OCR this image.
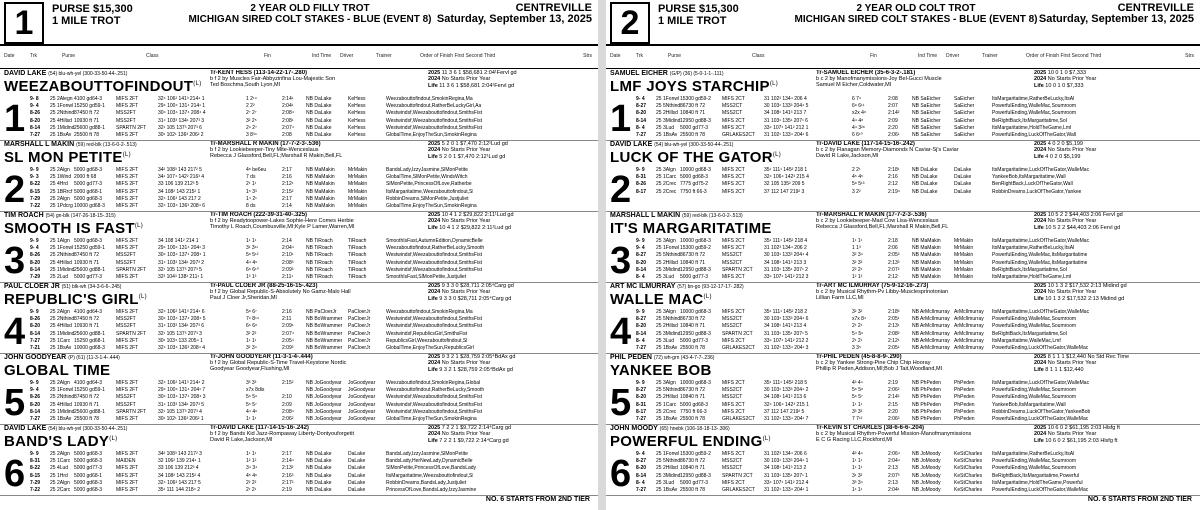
1	PURSE $15,300
1 MILE TROT
2 YEAR OLD FILLY TROT
MICHIGAN SIRED COLT STAKES - BLUE (EVENT 8)
CENTREVILLE
Saturday, September 13, 2025
Date	Trk	Purse	Class	Fin	Ind Time Driver	Trainer	Order of Finish First Second Third	Strs
DAVID LAKE (54) blu-wh-yel (300-33-50-44-.251)
$WEEZABOUTTOFINDOUT^{(L)}$
Tr-KENT HESS (113-14-22-17-.280)
b f 2 by Muscles Fair-Abbyzinfina Lou-Majestic Son
Ted Boschma,South Lyon,MI
2025 11 3 6 1 $58,681 2:04¹Fervl gd
2024 No Starts Prior Year
Life 11 3 6 1 $58,681 2:04¹Fervl gd
1 9- 8 25 2Alegn 4100 gd64-3	MIFS 2FT	32⁴ 106² 141³ 214⁴ 1	1 2¹⁴	2:14¹	NB DaLake	KeHess	Weezabouttofindout,SmokinRegina,Ma
9- 4 25 1Fonwl 15250 gd59-1 MIFS 2FT	29⁴ 100⁴ 131⁴ 214¹ 1	2 2²	2:04¹	NB DaLake	KeHess	Weezabouttofindout,RatherBeLuckyGirl,Aa
8-26 25 2Nthind 87450 ft 72	MSS2FT	30⁴ 103⁴ 137⁴ 208⁴ 4	2⁷ 2⁷	2:08⁴ NB DaLake	KeHess	Westwindsf,Weezabouttofindout,SmithsFist
8-20 25 4Hillsd 10930 ft 71	MSS2FT	31⁴ 103³ 134¹ 207³ 3	3² 2⁵	2:08¹	NB DaLake	KeHess	Westwindsf,Weezabouttofindout,SmithsFist
8-14 25 1Midind 25600 gd88-1 SPARTN 2FT 32¹ 105 137³ 207³ 6	2⁹ 2⁷	2:07⁴ NB DaLake	KeHess	Westwindsf,Weezabouttofindout,SmithsFist
7-27 25 1BsAv 25500 ft 78	MIFS 2FT	30¹ 102¹ 136³ 206² 2	3 8³⁴	2:08	NB DaLake	KeHess	GlobalTime,EnjoyTheSun,SmokinRegina
MARSHALL L MAKIN (59) red-blk (13-6-0-2-.513)
SL MON $PETITE^{(L)}$
Tr-MARSHALL R MAKIN (17-7-2-3-.536)
b f 2 by Lookiebeeper-Tiny Mite-Wenceslaus
Rebecca J Glassford,Bell,FL;Marshall R Makin,Bell,FL
2025 5 2 0 1 $7,470 2:12¹Lud gd
2024 No Starts Prior Year
Life 5 2 0 1 $7,470 2:12¹Lud gd
2 9- 9 25 2Algn 5000 gd68-3	MIFS 2FT	34² 108³ 143 217² 5	4⁸ be6eu	2:17	NB MaMakin	MrMakin	BandsLady,IzzyJasmine,SlMonPetite
9- 3 25 1Wind 2000 ft 68	MIFS 2FT	34¹ 107⁴ 142² 216³ 4	7 ds	2:16	NB MaMakin	MrMakin	GlobalTime,SlMonPetite,WindsWitch
8-22 25 4Hrd 5000 gd77-3	MIFS 2FT	33 106 139 212³ 5	2¹ 1¹	2:12¹	NB MaMakin	MrMakin	SlMonPetite,PrincessOfLove,Ratherbe
8-15 25 1BRrcf 5000 gd68-1	MIFS 2FT	34 108² 143 215² 1	1⁵ 3³	2:15²	NB MaMakin	MrMakin	ItsMargaritatime,Weezabouttofindout,Sl
7-29 25 2Algn 5000 gd68-3	MIFS 2FT	32⁴ 106³ 143 217 2	1⁴ 2¹	2:17	NB MaMakin	MrMakin	RobbinDreams,SlMonPetite,Justjuliet
7-22 25 1Pdcrg 10000 gd68-3 MIFS 2FT	32⁴ 103⁴ 136³ 208⁴ 6	8 ds	2:14	NB MaMakin	MrMakin	GlobalTime,EnjoyTheSun,SmokinRegina
TIM ROACH (54) gn-blk (147-26-18-15-.315)
SMOOTH IS $FAST^{(L)}$
Tr-TIM ROACH (222-39-31-40-.325)
b f 2 by Readytoopower-Lakes Sophie-Here Comes Herbie
Timothy L Roach,Coumbusville,MI;Kyle P Lamer,Warren,MI
2025 10 4 1 2 $29,822 2:11¹Lud gd
2024 No Starts Prior Year
Life 10 4 1 2 $29,822 2:11¹Lud gd
3 9- 9 25 1Algn 5000 gd68-3	MIFS 2FT	34 108 141² 214 1	1¹ 1¹	2:14	NB TiRoach	TiRoach	SmoothIsFast,AutumnEdition,DynamicBelle
9- 4 25 1Fonwl 15250 gd59-1 MIFS 2FT	29⁴ 100⁴ 131⁴ 204¹ 3	3¹ 3¹¹	2:04⁴ NB TiRoach	TiRoach	Weezabouttofindout,RatherBeLucky,Smooth
8-26 25 2Nthind 87450 ft 72	MSS2FT	30⁴ 103⁴ 137⁴ 208⁴ 1	5⁸ 5¹²	2:10¹	NB TiRoach	TiRoach	Westwindsf,Weezabouttofindout,SmithsFist
8-20 25 4Hillsd 10930 ft 71	MSS2FT	31⁴ 103³ 134¹ 207³ 2	4⁴ 4⁵	2:08³	NB TiRoach	TiRoach	Westwindsf,Weezabouttofindout,SmithsFist
8-14 25 1Midind 25600 gd88-1 SPARTN 2FT 32¹ 105 137³ 207³ 5	6⁸ 6¹⁰	2:09³	NB TiRoach	TiRoach	Westwindsf,Weezabouttofindout,SmithsFist
7-29 25 2Lud 5000 gd77-3	MIFS 2FT	32³ 104³ 138³ 211¹ 1	1³ 1³	2:11¹	NB TiRoach	TiRoach	SmoothIsFast,SlMonPetite,Justjuliet
PAUL CLOER JR (51) blk-wh (34-3-6-6-.245)
REPUBLIC'S $GIRL^{(L)}$
Tr-PAUL CLOER JR (88-25-16-15-.423)
b f 2 by Global Republic-S-Absolutely No Gamz-Malo Hall
Paul J Cloer Jr,Sheridan,MI
2025 9 3 3 0 $28,711 2:05⁴Carg gd
2024 No Starts Prior Year
Life 9 3 3 0 $28,711 2:05⁴Carg gd
4 9- 9 25 2Algn 4100 gd64-3	MIFS 2FT	32⁴ 106² 141³ 214⁴ 6	5⁸ 6⁷	2:16	NB PaCloerJr PaCloerJr	Weezabouttofindout,SmokinRegina,Ma
8-26 25 2Nthind 87450 ft 72	MSS2FT	30⁴ 103⁴ 137⁴ 208⁴ 5	7⁹ 8¹⁴	2:11	NB BoWrammer PaCloerJr	Westwindsf,Weezabouttofindout,SmithsFist
8-20 25 4Hillsd 10930 ft 71	MSS2FT	31⁴ 103³ 134¹ 207³ 6	6⁶ 6⁸	2:09¹	NB BoWrammer PaCloerJr	Westwindsf,Weezabouttofindout,SmithsFist
8-14 25 1Midind 25600 gd88-1 SPARTN 2FT 32¹ 105 137³ 207³ 3	3² 2²	2:07⁴ NB BoWrammer PaCloerJr	Westwindsf,RepublicsGirl,SmithsFist
7-27 25 1Carc 15250 gd68-1 MIFS 2FT	30¹ 103⁴ 133 205⁴ 1	1¹ 1¹	2:05⁴ NB BoWrammer PaCloerJr	RepublicsGirl,Weezabouttofindout,Sl
7-21 25 1BsAv 10000 gd68-3 MIFS 2FT	32⁴ 103⁴ 136³ 208⁴ 4	3² 3⁴	2:09³	NB BoWrammer PaCloerJr	GlobalTime,EnjoyTheSun,RepublicsGirl
JOHN GOODYEAR (P) (61) (11-3-1-4-.444)
GLOBAL TIME
Tr-JOHN GOODYEAR (11-3-1-4-.444)
b f 2 by Global Republic-S-Time Travel-Keystone Nordic
Goodyear Goodyear,Flushing,MI
2025 9 3 2 1 $28,759 2:05⁴BdAx gd
2024 No Starts Prior Year
Life 9 3 2 1 $28,759 2:05⁴BdAx gd
5 9- 9 25 2Algn 4100 gd64-3	MIFS 2FT	32⁴ 106² 141³ 214⁴ 2	3³ 3³	2:15²	NB JoGoodyear JoGoodyear Weezabouttofindout,SmokinRegina,Global
9- 4 25 1Fonwl 15250 gd59-1 MIFS 2FT	29⁴ 100⁴ 131⁴ 204¹ 7	x7x 8dis	NB JoGoodyear JoGoodyear Weezabouttofindout,RatherBeLucky,Smooth
8-26 25 2Nthind 87450 ft 72	MSS2FT	30⁴ 103⁴ 137⁴ 208⁴ 3	5⁶ 5⁹	2:10	NB JoGoodyear JoGoodyear Westwindsf,Weezabouttofindout,SmithsFist
8-20 25 4Hillsd 10930 ft 71	MSS2FT	31⁴ 103³ 134¹ 207³ 5	5⁵ 5⁷	2:09	NB JoGoodyear JoGoodyear Westwindsf,Weezabouttofindout,SmithsFist
8-14 25 1Midind 25600 gd88-1 SPARTN 2FT 32¹ 105 137³ 207³ 4	4⁴ 4⁶	2:08⁴ NB JoGoodyear JoGoodyear Westwindsf,Weezabouttofindout,SmithsFist
7-27 25 1BsAv 25500 ft 78	MIFS 2FT	30¹ 102¹ 136³ 206² 1	1¹ 1¹	2:06²	NB JoGoodyear JoGoodyear GlobalTime,EnjoyTheSun,SmokinRegina
DAVID LAKE (54) blu-wh-yel (300-33-50-44-.251)
BAND'S $LADY^{(L)}$
Tr-DAVID LAKE (117-14-15-16-.242)
b f 2 by Bands Kid Jazz-Rompaway Liberty-Dontyouforgetit
David R Lake,Jackson,MI
2025 7 2 2 1 $9,722 2:14⁴Carg gd
2024 No Starts Prior Year
Life 7 2 2 1 $9,722 2:14⁴Carg gd
6 9- 9 25 2Algn 5000 gd68-3	MIFS 2FT	34² 108³ 143 217² 3	1¹ 1¹	2:17	NB DaLake	DaLake	BandsLady,IzzyJasmine,SlMonPetite
8-31 25 1Carc 5000 gd68-3	MAIDEN	32 106² 139 214⁴ 1	1² 1²	2:14⁴ NB DaLake	DaLake	BandsLady,HerNewLady,DynamicBelle
8-22 25 4Lud 5000 gd77-3	MIFS 2FT	33 106 139 212³ 4	3⁴ 3⁴	2:13²	NB DaLake	DaLake	SlMonPetite,PrincessOfLove,BandsLady
8-15 25 1Hrd 5000 gd68-1	MIFS 2FT	34 108² 143 215² 4	4⁵ 4⁶	2:16³	NB DaLake	DaLake	ItsMargaritatime,Weezabouttofindout,Sl
7-29 25 2Algn 5000 gd68-3	MIFS 2FT	32⁴ 106³ 143 217 5	2² 2²	2:17²	NB DaLake	DaLake	RobbinDreams,BandsLady,Justjuliet
7-22 25 2Carc 5000 gd68-3	MIFS 2FT	35¹ 111 144 218⁴ 2	2¹ 2¹	2:19	NB DaLake	DaLake	PrincessOfLove,BandsLady,IzzyJasmine
NO. 6 STARTS FROM 2ND TIER
2	PURSE $15,300
1 MILE TROT
2 YEAR OLD COLT TROT
MICHIGAN SIRED COLT STAKES - BLUE (EVENT 8)
CENTREVILLE
Saturday, September 13, 2025
Date	Trk	Purse	Class	Fin	Ind Time Driver	Trainer	Order of Finish First Second Third	Strs
SAMUEL EICHER (G/P) (36) (5-0-1-1-.111)
LMF JOYS $STARCHIP^{(L)}$
Tr-SAMUEL EICHER (35-6-3-2-.181)
b c 2 by Manofmanymissions-Joy Bel-Gucci Muscle
Samuel M Eicher,Coldwater,MI
2025 10 0 1 0 $7,333
2024 No Starts Prior Year
Life 10 0 1 0 $7,333
1 9- 4 25 1Fonwl 15300 gd59-2 MIFS 2CT	31 102³ 134⁴ 206 4	6 7⁹	2:08	NB SaEicher	SaEicher	ItsMargaritatime,RatherBeLucky,ItsAl
8-27 25 5Nthind 86730 ft 72	MSS2CT	30 103¹ 133³ 204⁴ 5	6⁸ 6¹¹	2:07	NB SaEicher	SaEicher	PowerfulEnding,WalleMac,Soumroom
8-20 25 2Hillsd 10840 ft 71	MSS2CT	34 108¹ 141³ 213 7	x2x 4⁸	2:14²	NB SaEicher	SaEicher	PowerfulEnding,WalleMac,Soumroom
8-14 25 3Midind 12950 gd88-3 MIFS 2CT	31 103¹ 135¹ 207¹ 6	4⁴ 4⁸	2:09	NB SaEicher	SaEicher	BeRightBack,ItsMargaritatime,SoI
8- 4 25 3Lud 5000 gd77-3	MIFS 2CT	33⁴ 107¹ 141² 212 1	4⁴ 3²⁸	2:20	NB SaEicher	SaEicher	ItsMargaritatime,HoldTheGame,Lmf
7-27 25 1BsAv 25500 ft 78	GRLAKES2CT 31 102¹ 133⁴ 204¹ 6	6 6¹⁰	2:06¹	NB SaEicher	SaEicher	PowerfulEnding,LuckOfTheGator,Wall
DAVID LAKE (54) blu-wh-yel (300-33-50-44-.251)
LUCK OF THE $GATOR^{(L)}$
Tr-DAVID LAKE (117-14-15-16-.242)
b c 2 by Flanagan Memory-Diamonds N Caviar-Sj's Caviar
David R Lake,Jackson,MI
2025 4 0 2 0 $5,199
2024 No Starts Prior Year
Life 4 0 2 0 $5,199
2 9- 9 25 3Algn 10000 gd68-3 MIFS 2CT	35¹ 111¹ 145² 218 1	2 2¹	2:18¹	NB DaLake	DaLake	ItsMargaritatime,LuckOfTheGator,WalleMac
8-31 25 1Carc 5000 gd68-3	MIFS 2CT	32⁴ 106⁴ 142³ 215 4	4⁵ 4⁵	2:16	NB DaLake	DaLake	YankeeBob,ItsMargaritatime,Wall
8-26 25 2Crec 7775 gd75-2	MIFS 2CT	32 105 135² 209 5	5⁸ 5¹³	2:12	NB DaLake	DaLake	BenRightBack,LuckOfTheGator,Wall
8-17 25 2Crec 7750 ft 66-3	MIFS 2CT	37 112 147 219² 3	3 2²	2:19⁴ NB DaLake	DaLake	RobbinDreams,LuckOfTheGator,Yankee
MARSHALL L MAKIN (59) red-blk (13-6-0-2-.513)
IT'S MARGARITATIME
Tr-MARSHALL R MAKIN (17-7-2-3-.536)
b c 2 by Lookiebeeper-Mad Cow Lisa-Wenceslaus
Rebecca J Glassford,Bell,FL;Marshall R Makin,Bell,FL
2025 10 5 2 2 $44,403 2:06 Fervl gd
2024 No Starts Prior Year
Life 10 5 2 2 $44,403 2:06 Fervl gd
3 9- 9 25 3Algn 10000 gd68-3 MIFS 2CT	35¹ 111¹ 145² 218 4	1¹ 1¹	2:18	NB MaMakin	MrMakin	ItsMargaritatime,LuckOfTheGator,WalleMac
9- 4 25 1Fonwl 15300 gd59-2 MIFS 2CT	31 102³ 134⁴ 206 2	1 1³	2:06	NB MaMakin	MrMakin	ItsMargaritatime,RatherBeLucky,ItsAl
8-27 25 5Nthind 86730 ft 72	MSS2CT	30 103¹ 133³ 204⁴ 4	3² 3⁴	2:05³	NB MaMakin	MrMakin	PowerfulEnding,WalleMac,ItsMargaritatime
8-20 25 2Hillsd 10840 ft 71	MSS2CT	34 108¹ 141³ 213 3	3² 3³	2:13³	NB MaMakin	MrMakin	PowerfulEnding,WalleMac,ItsMargaritatime
8-14 25 3Midind 12950 gd88-3 SPARTN 2CT 31 103¹ 135¹ 207¹ 2	2² 2¹	2:07²	NB MaMakin	MrMakin	BeRightBack,ItsMargaritatime,SoI
8- 4 25 3Lud 5000 gd77-3	MIFS 2CT	33⁴ 107¹ 141² 212 3	1² 1²	2:12	NB MaMakin	MrMakin	ItsMargaritatime,HoldTheGame,Lmf
ART MC ILMURRAY (57) bn-go (93-12-17-17-.282)
WALLE $MAC^{(L)}$
Tr-ART MC ILMURRAY (75-9-12-16-.273)
b c 2 by Musical Rhythm-Pv Libby-Musclesprinotonian
Lillian Farm LLC,MI
2025 10 1 3 2 $17,532 2:13 Midind gd
2024 No Starts Prior Year
Life 10 1 3 2 $17,532 2:13 Midind gd
4 9- 9 25 3Algn 10000 gd68-3 MIFS 2CT	35¹ 111¹ 145² 218 2	3² 3²	2:18³	NB ArMcIlmurray ArMcIlmurray ItsMargaritatime,LuckOfTheGator,WalleMac
8-27 25 5Nthind 86730 ft 72	MSS2CT	30 103¹ 133³ 204⁴ 6	x7x 8⁴	2:05¹	NB ArMcIlmurray ArMcIlmurray PowerfulEnding,WalleMac,Soumroom
8-20 25 2Hillsd 10840 ft 71	MSS2CT	34 108¹ 141³ 213 4	2¹ 2¹	2:13¹	NB ArMcIlmurray ArMcIlmurray PowerfulEnding,WalleMac,Soumroom
8-14 25 3Midind 12950 gd88-3 SPARTN 2CT 31 103¹ 135¹ 207¹ 5	5⁴ 5⁶	2:08²	NB ArMcIlmurray ArMcIlmurray BeRightBack,ItsMargaritatime,SoI
8- 4 25 3Lud 5000 gd77-3	MIFS 2CT	33⁴ 107¹ 141² 212 2	2¹ 2¹	2:12¹	NB ArMcIlmurray ArMcIlmurray ItsMargaritatime,WalleMac,Lmf
7-27 25 1BsAv 25500 ft 78	GRLAKES2CT 31 102¹ 133⁴ 204¹ 3	3 3⁵	2:05¹	NB ArMcIlmurray ArMcIlmurray PowerfulEnding,LuckOfTheGator,WalleMac
PHIL PEDEN (72) wh-grn (43-4-7-7-.236)
YANKEE BOB
Tr-PHIL PEDEN (45-8-8-9-.290)
b c 2 by Yankee Strong-Pine Chip Chip Hooray
Phillip R Peden,Addison,MI;Bob J Tait,Woodland,MI
2025 8 1 1 1 $12,440 No Std Rec Time
2024 No Starts Prior Year
Life 8 1 1 1 $12,440
5 9- 9 25 3Algn 10000 gd68-3 MIFS 2CT	35¹ 111¹ 145² 218 5	4³ 4⁴	2:19	NB PhPeden	PhPeden	ItsMargaritatime,LuckOfTheGator,WalleMac
8-27 25 5Nthind 86730 ft 72	MSS2CT	30 103¹ 133³ 204⁴ 2	5⁶ 5⁸	2:06²	NB PhPeden	PhPeden	PowerfulEnding,WalleMac,Soumroom
8-20 25 2Hillsd 10840 ft 71	MSS2CT	34 108¹ 141³ 213 6	5⁶ 5⁷	2:14²	NB PhPeden	PhPeden	PowerfulEnding,WalleMac,Soumroom
8-31 25 1Carc 5000 gd68-3	MIFS 2CT	32⁴ 106⁴ 142³ 215 1	1¹ 1¹	2:15	NB PhPeden	PhPeden	YankeeBob,ItsMargaritatime,Wall
8-17 25 2Crec 7750 ft 66-3	MIFS 2CT	37 112 147 219² 5	3³ 3³	2:20	NB PhPeden	PhPeden	RobbinDreams,LuckOfTheGator,YankeeBob
7-27 25 1BsAv 25500 ft 78	GRLAKES2CT 31 102¹ 133⁴ 204¹ 7	7 7¹²	2:06³	NB PhPeden	PhPeden	PowerfulEnding,LuckOfTheGator,WalleMac
JOHN MOODY (65) hnebk (106-18-18-13-.306)
POWERFUL $ENDING^{(L)}$
Tr-KEVIN ST CHARLES (38-6-6-6-.204)
b c 2 by Musical Rhythm-Powerful Mission-Manofmanymissions
E C G Racing LLC,Rockford,MI
2025 10 6 0 2 $61,195 2:03 Hlsfg ft
2024 No Starts Prior Year
Life 10 6 0 2 $61,195 2:03 Hlsfg ft
6 9- 4 25 1Fonwl 15300 gd59-2 MIFS 2CT	31 102³ 134⁴ 206 6	4³ 4⁴	2:06⁴ NB JoMoody	KeStCharles ItsMargaritatime,RatherBeLucky,ItsAl
8-27 25 5Nthind 86730 ft 72	MSS2CT	30 103¹ 133³ 204⁴ 1	1¹ 1¹	2:04⁴ NB JoMoody	KeStCharles PowerfulEnding,WalleMac,Soumroom
8-20 25 2Hillsd 10840 ft 71	MSS2CT	34 108¹ 141³ 213 2	1¹ 1¹	2:13	NB JoMoody	KeStCharles PowerfulEnding,WalleMac,Soumroom
8-14 25 3Midind 12950 gd88-3 SPARTN 2CT 31 103¹ 135¹ 207¹ 1	3¹ 3²	2:07³	NB JoMoody	KeStCharles BeRightBack,ItsMargaritatime,Powerful
8- 4 25 3Lud 5000 gd77-3	MIFS 2CT	33⁴ 107¹ 141² 212 4	3³ 3⁴	2:13	NB JoMoody	KeStCharles ItsMargaritatime,HoldTheGame,Powerful
7-27 25 1BsAv 25500 ft 78	GRLAKES2CT 31 102¹ 133⁴ 204¹ 1	1¹ 1¹	2:04¹	NB JoMoody	KeStCharles PowerfulEnding,LuckOfTheGator,WalleMac
NO. 6 STARTS FROM 2ND TIER
